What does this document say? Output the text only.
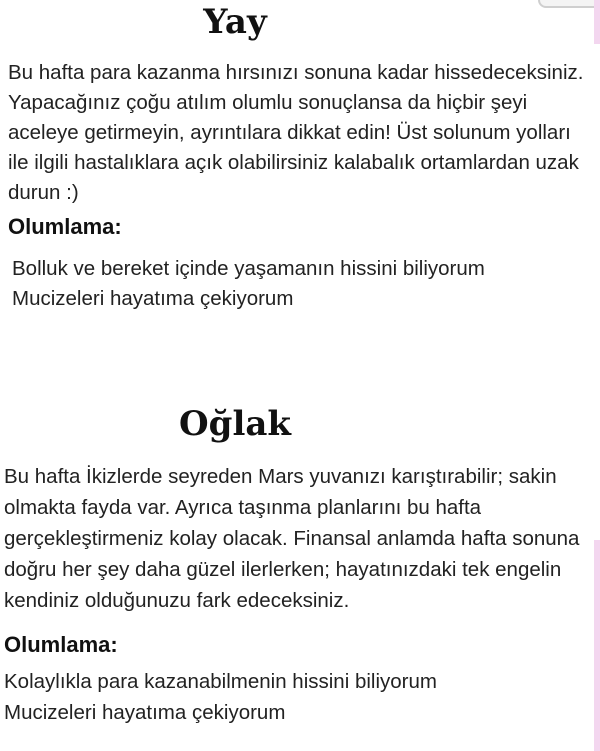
Yay
Bu hafta para kazanma hırsınızı sonuna kadar hissedeceksiniz. Yapacağınız çoğu atılım olumlu sonuçlansa da hiçbir şeyi aceleye getirmeyin, ayrıntılara dikkat edin! Üst solunum yolları ile ilgili hastalıklara açık olabilirsiniz kalabalık ortamlardan uzak durun :)
Olumlama:
Bolluk ve bereket içinde yaşamanın hissini biliyorum
Mucizeleri hayatıma çekiyorum
Oğlak
Bu hafta İkizlerde seyreden Mars yuvanızı karıştırabilir; sakin olmakta fayda var. Ayrıca taşınma planlarını bu hafta gerçekleştirmeniz kolay olacak. Finansal anlamda hafta sonuna doğru her şey daha güzel ilerlerken; hayatınızdaki tek engelin kendiniz olduğunuzu fark edeceksiniz.
Olumlama:
Kolaylıkla para kazanabilmenin hissini biliyorum
Mucizeleri hayatıma çekiyorum
